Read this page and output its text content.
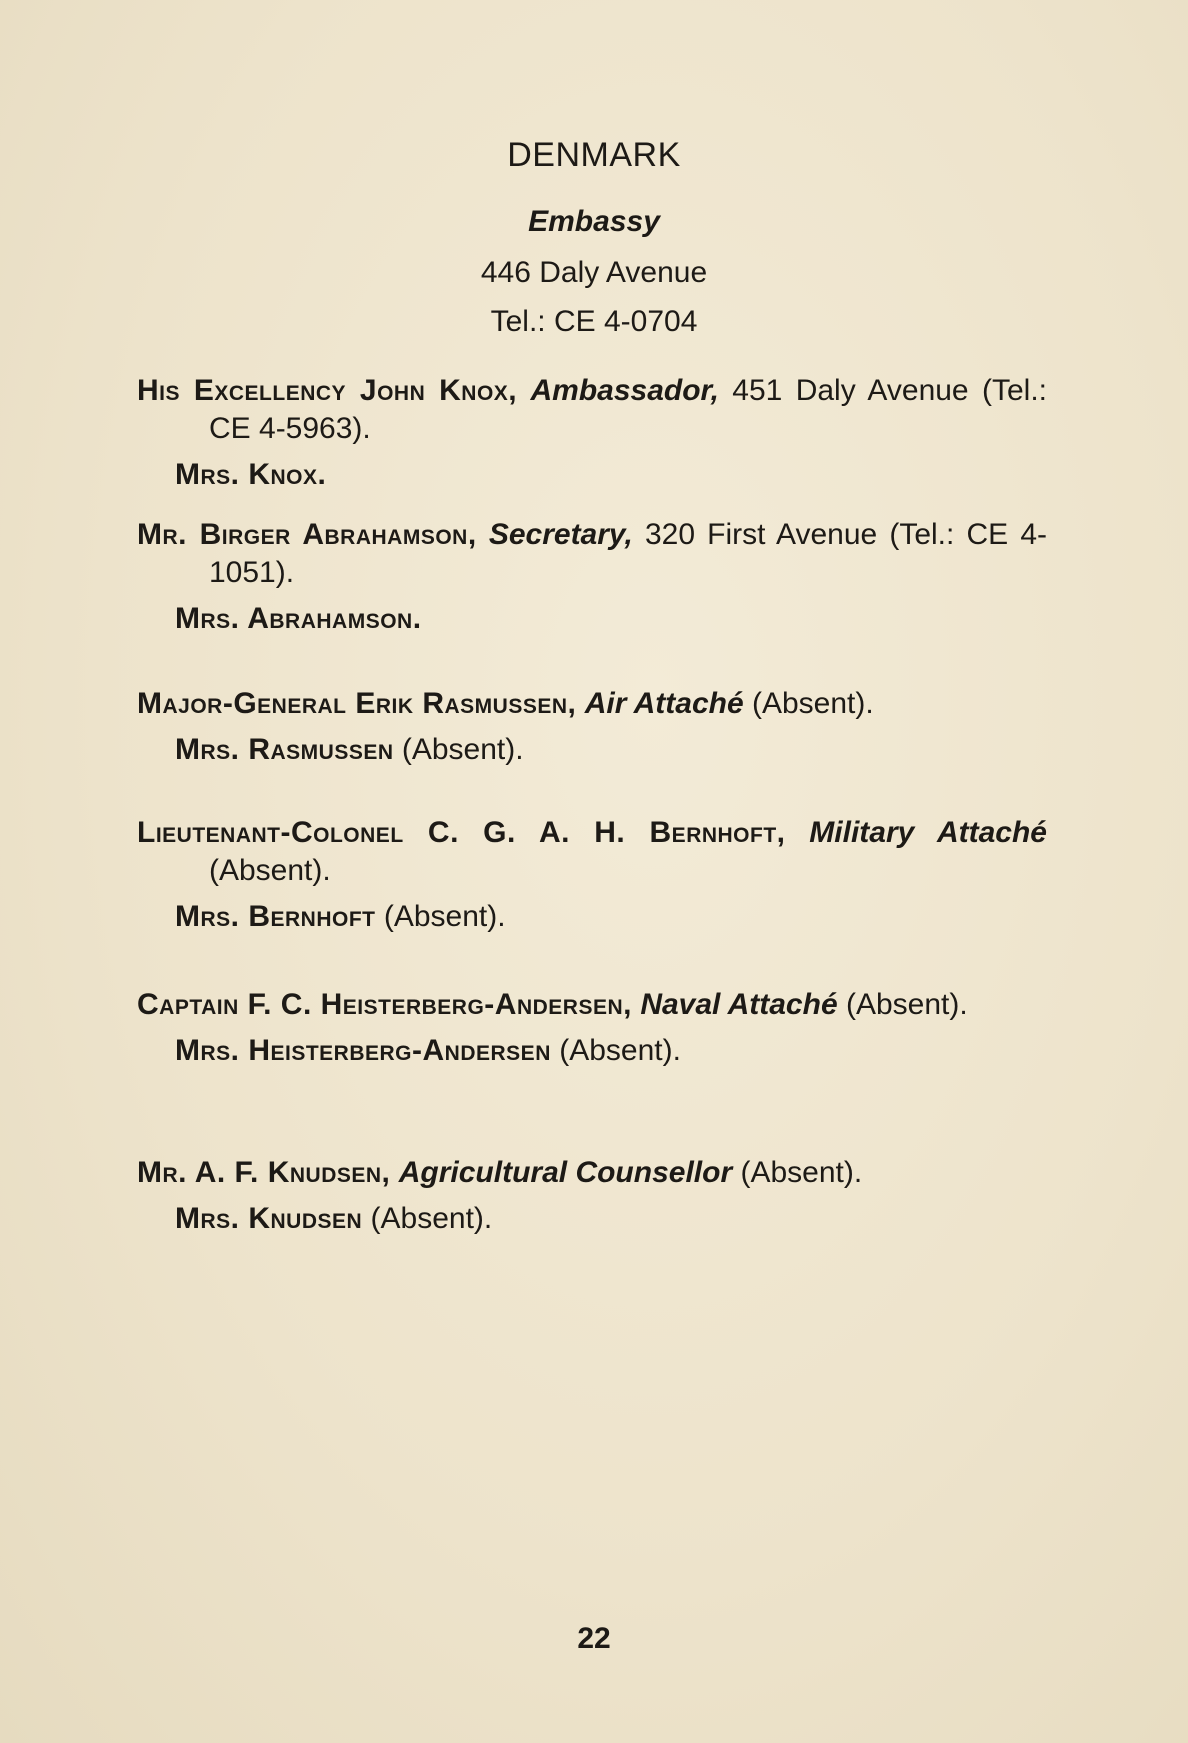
DENMARK
Embassy
446 Daly Avenue
Tel.: CE 4-0704
His Excellency John Knox, Ambassador, 451 Daly Avenue (Tel.: CE 4-5963).
Mrs. Knox.
Mr. Birger Abrahamson, Secretary, 320 First Avenue (Tel.: CE 4-1051).
Mrs. Abrahamson.
Major-General Erik Rasmussen, Air Attaché (Absent).
Mrs. Rasmussen (Absent).
Lieutenant-Colonel C. G. A. H. Bernhoft, Military Attaché (Absent).
Mrs. Bernhoft (Absent).
Captain F. C. Heisterberg-Andersen, Naval Attaché (Absent).
Mrs. Heisterberg-Andersen (Absent).
Mr. A. F. Knudsen, Agricultural Counsellor (Absent).
Mrs. Knudsen (Absent).
22
